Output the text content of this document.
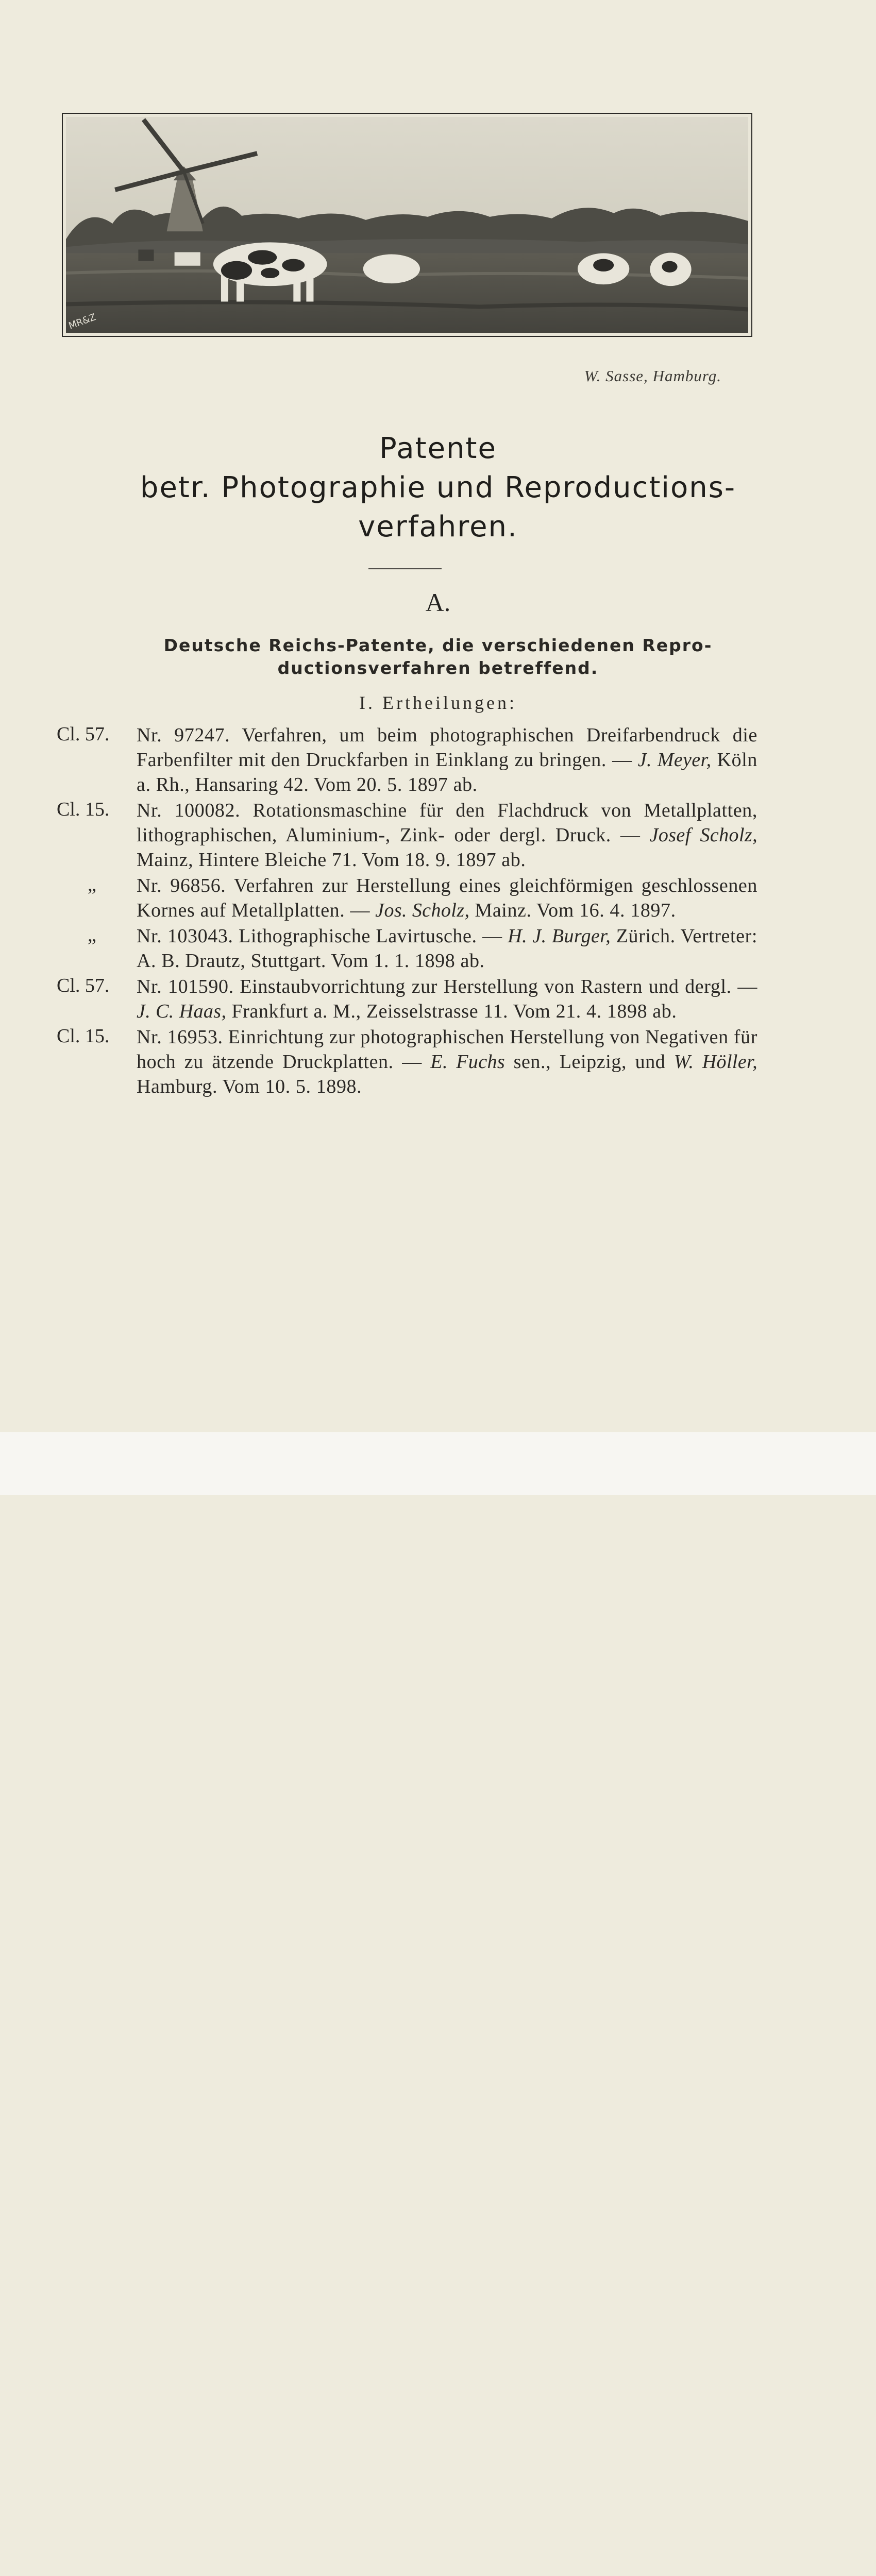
MR&Z
W. Sasse, Hamburg.
Patente
betr. Photographie und Reproductions-
verfahren.
A.
Deutsche Reichs-Patente, die verschiedenen Repro-
ductionsverfahren betreffend.
I. Ertheilungen:
Cl. 57.	Nr. 97247. Verfahren, um beim photographischen Dreifarbendruck die Farbenfilter mit den Druckfarben in Einklang zu bringen. — J. Meyer, Köln a. Rh., Hansaring 42. Vom 20. 5. 1897 ab.
Cl. 15.	Nr. 100082. Rotationsmaschine für den Flachdruck von Metallplatten, lithographischen, Aluminium-, Zink- oder dergl. Druck. — Josef Scholz, Mainz, Hintere Bleiche 71. Vom 18. 9. 1897 ab.
„	Nr. 96856. Verfahren zur Herstellung eines gleichförmigen geschlossenen Kornes auf Metallplatten. — Jos. Scholz, Mainz. Vom 16. 4. 1897.
„	Nr. 103043. Lithographische Lavirtusche. — H. J. Burger, Zürich. Vertreter: A. B. Drautz, Stuttgart. Vom 1. 1. 1898 ab.
Cl. 57.	Nr. 101590. Einstaubvorrichtung zur Herstellung von Rastern und dergl. — J. C. Haas, Frankfurt a. M., Zeisselstrasse 11. Vom 21. 4. 1898 ab.
Cl. 15.	Nr. 16953. Einrichtung zur photographischen Herstellung von Negativen für hoch zu ätzende Druckplatten. — E. Fuchs sen., Leipzig, und W. Höller, Hamburg. Vom 10. 5. 1898.
